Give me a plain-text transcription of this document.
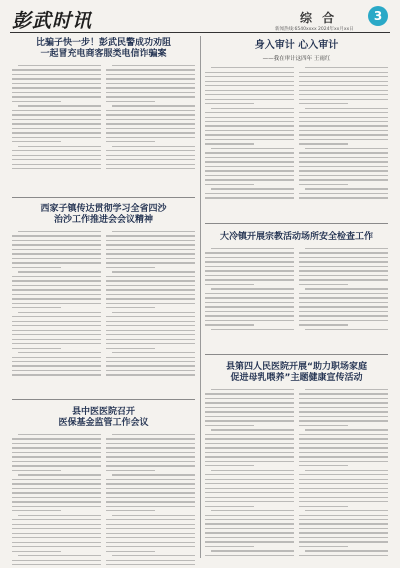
彭武时讯	综 合	3
新闻热线:6540xxxx 2024年xx月xx日
比骗子快一步！彭武民警成功劝阻
一起冒充电商客服类电信诈骗案
西家子镇传达贯彻学习全省四沙
治沙工作推进会会议精神
县中医医院召开
医保基金监管工作会议
身入审计 心入审计
——我在审计这四年 王雨红
大冷镇开展宗教活动场所安全检查工作
县第四人民医院开展“助力职场家庭
促进母乳喂养”主题健康宣传活动
